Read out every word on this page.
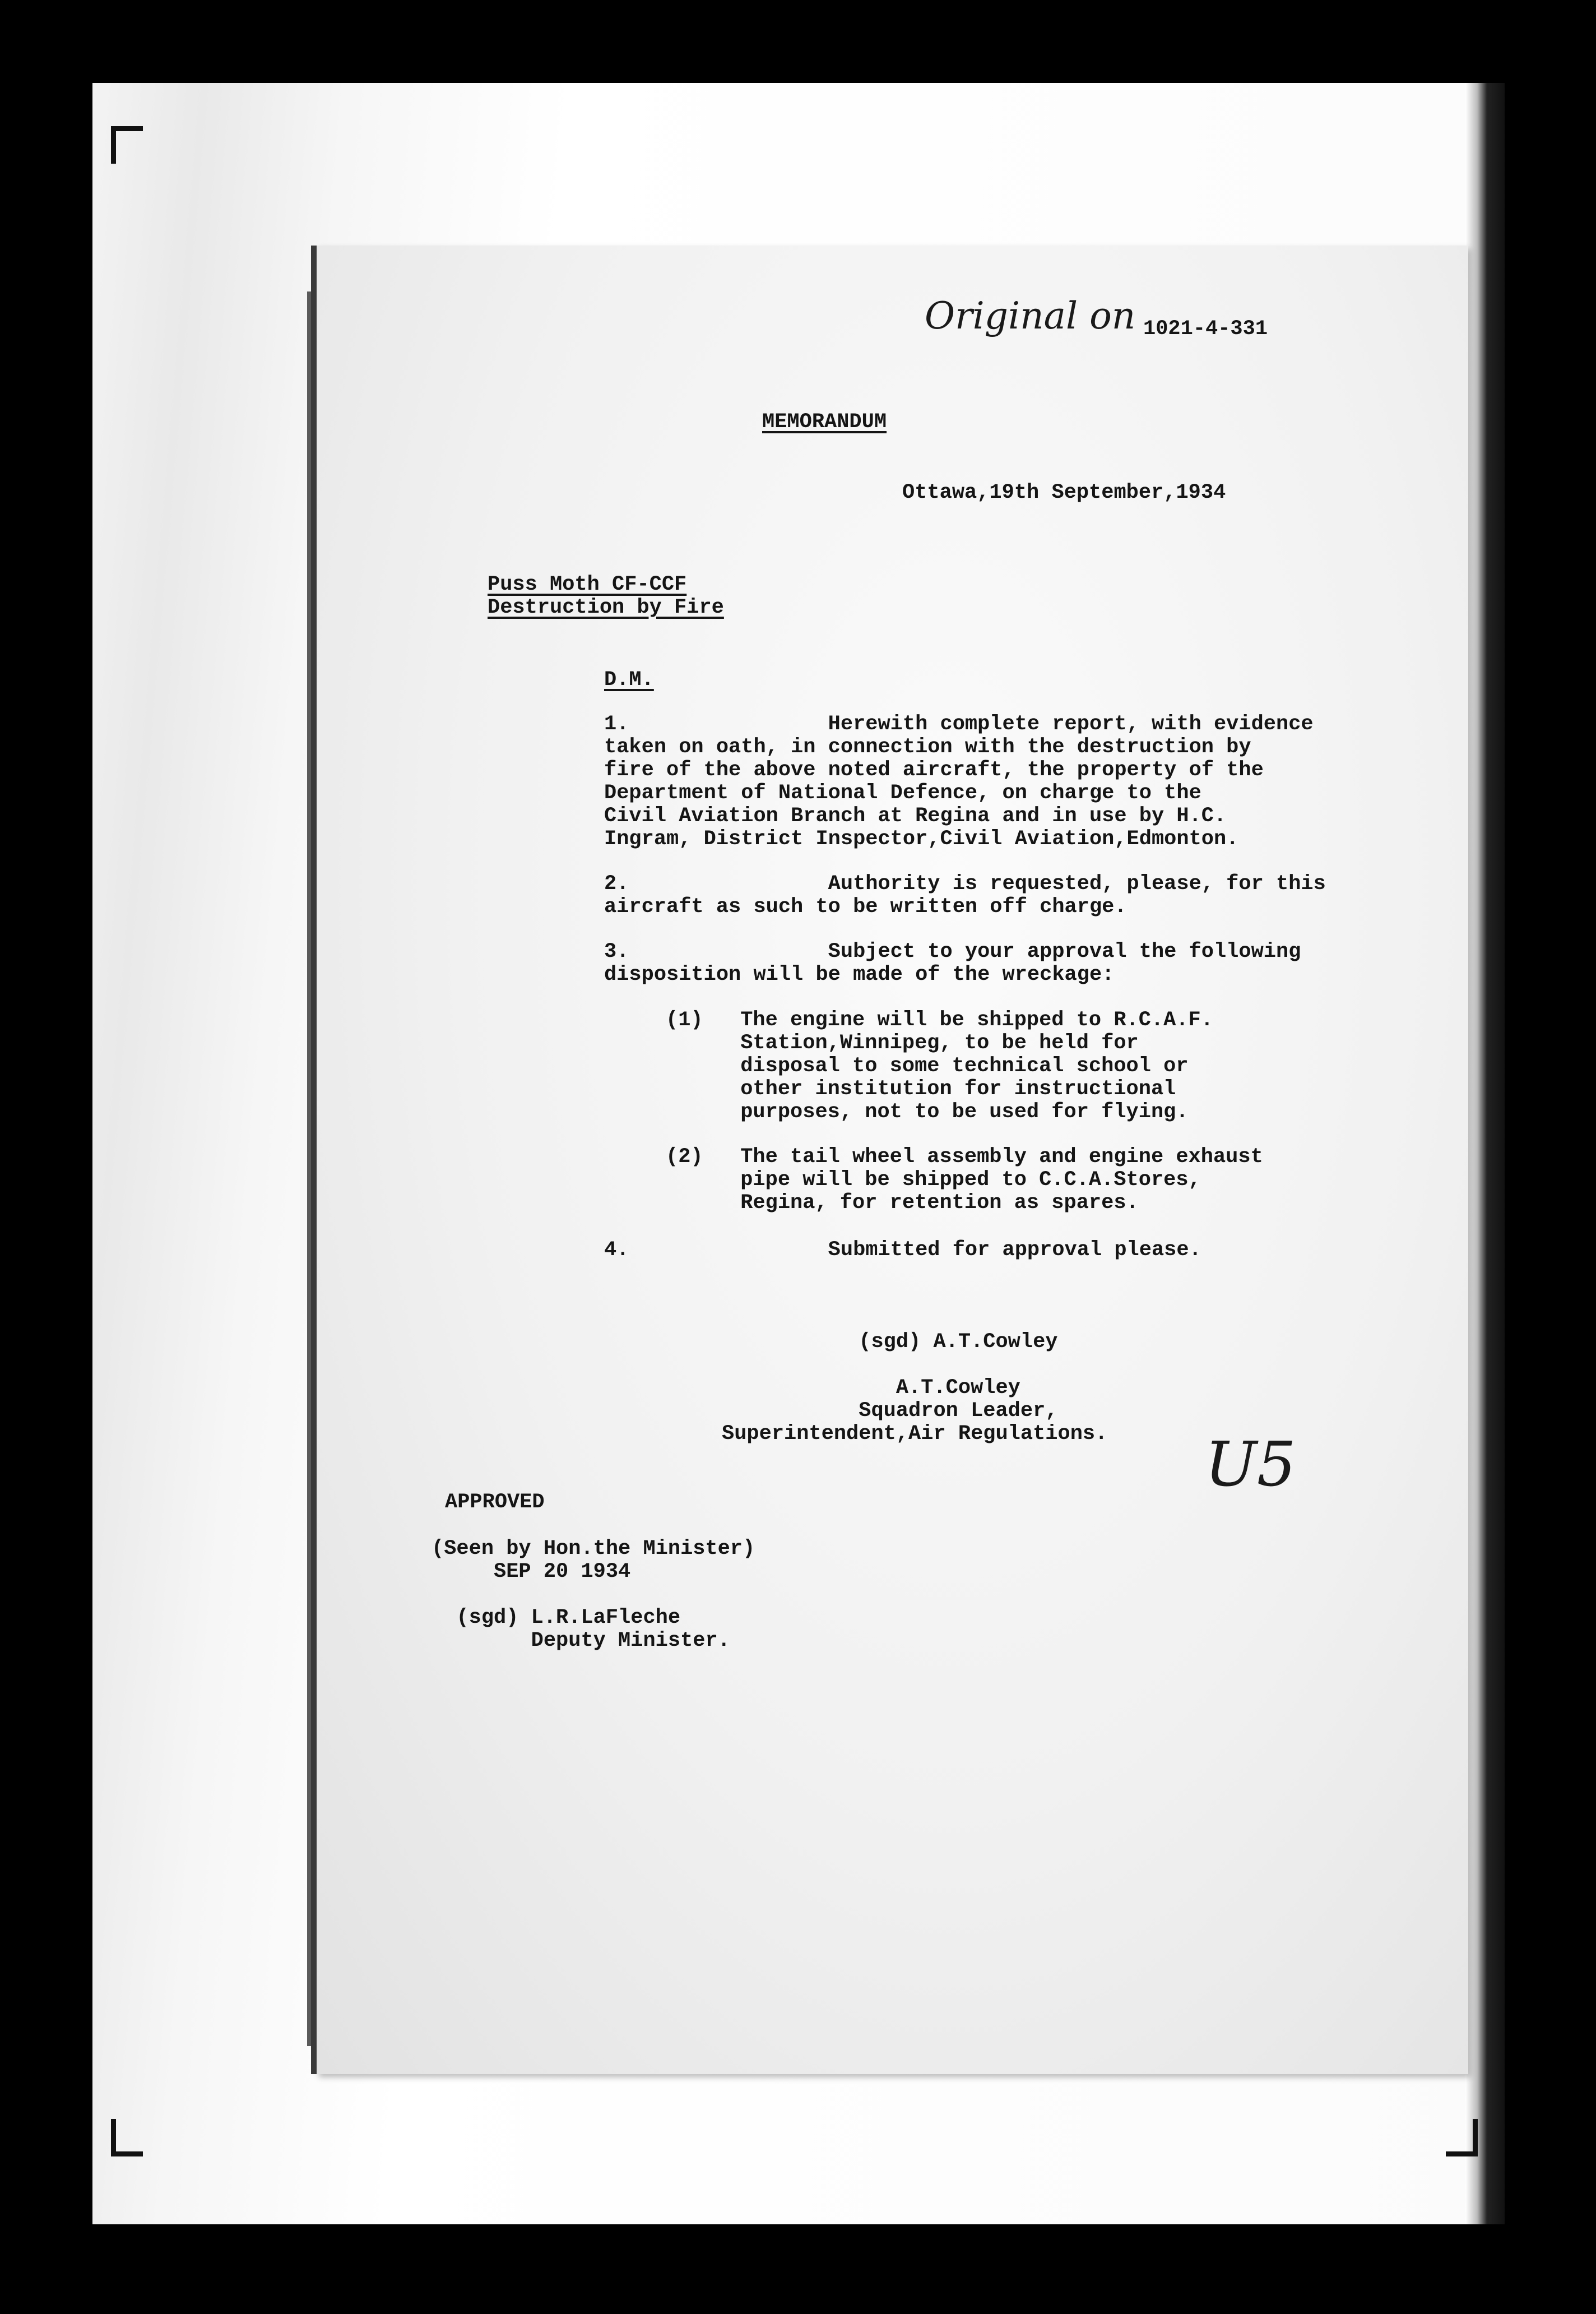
Original on 1021-4-331
MEMORANDUM
Ottawa,19th September,1934
Puss Moth CF-CCF
Destruction by Fire
D.M.
1.                Herewith complete report, with evidence
taken on oath, in connection with the destruction by
fire of the above noted aircraft, the property of the
Department of National Defence, on charge to the
Civil Aviation Branch at Regina and in use by H.C.
Ingram, District Inspector,Civil Aviation,Edmonton.
2.                Authority is requested, please, for this
aircraft as such to be written off charge.
3.                Subject to your approval the following
disposition will be made of the wreckage:
(1)   The engine will be shipped to R.C.A.F.
Station,Winnipeg, to be held for
disposal to some technical school or
other institution for instructional
purposes, not to be used for flying.
(2)   The tail wheel assembly and engine exhaust
pipe will be shipped to C.C.A.Stores,
Regina, for retention as spares.
4.                Submitted for approval please.
(sgd) A.T.Cowley

A.T.Cowley
Squadron Leader,
Superintendent,Air Regulations. U5
APPROVED
(Seen by Hon.the Minister)
SEP 20 1934

(sgd) L.R.LaFleche
Deputy Minister.
